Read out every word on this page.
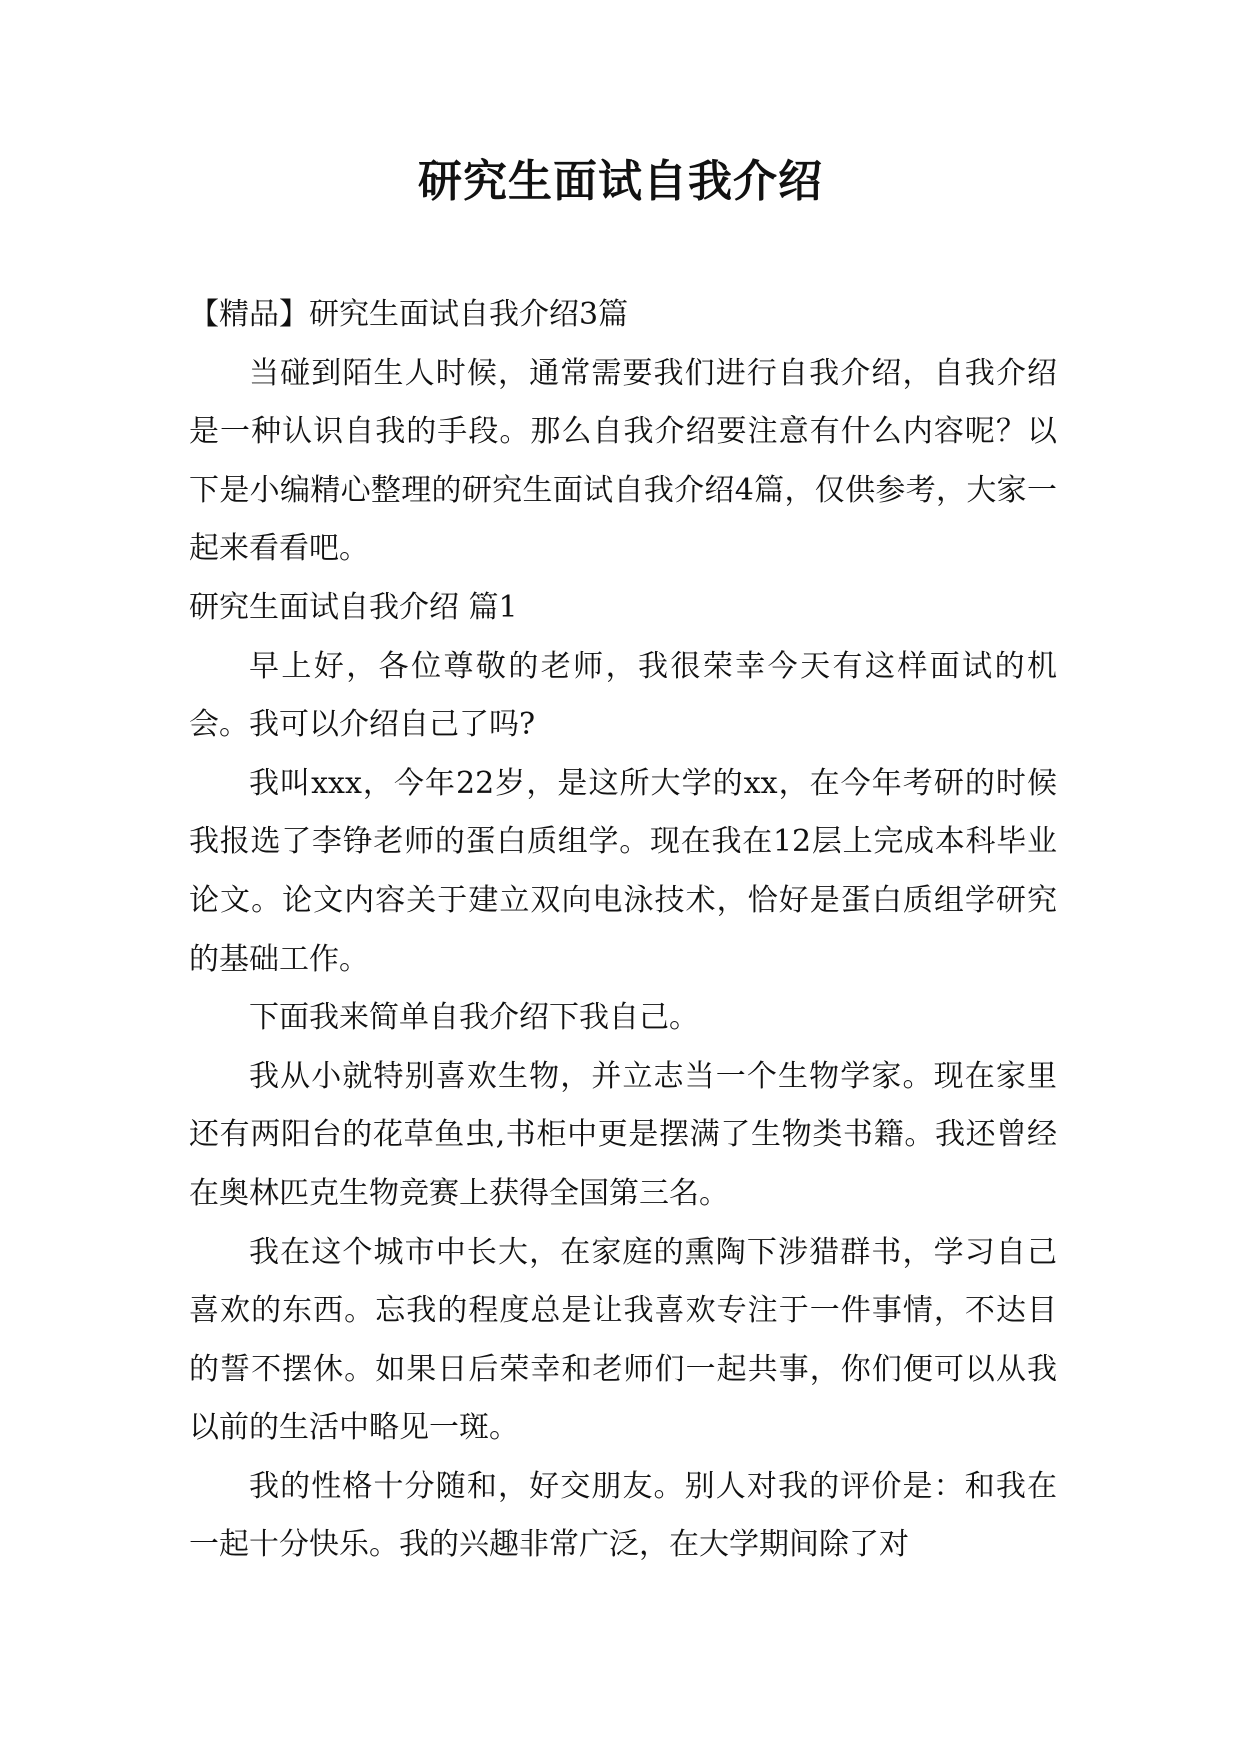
研究生面试自我介绍

【精品】研究生面试自我介绍3篇

当碰到陌生人时候，通常需要我们进行自我介绍，自我介绍是一种认识自我的手段。那么自我介绍要注意有什么内容呢？以下是小编精心整理的研究生面试自我介绍4篇，仅供参考，大家一起来看看吧。

研究生面试自我介绍 篇1

早上好，各位尊敬的老师，我很荣幸今天有这样面试的机会。我可以介绍自己了吗?

我叫xxx，今年22岁，是这所大学的xx，在今年考研的时候我报选了李铮老师的蛋白质组学。现在我在12层上完成本科毕业论文。论文内容关于建立双向电泳技术，恰好是蛋白质组学研究的基础工作。

下面我来简单自我介绍下我自己。

我从小就特别喜欢生物，并立志当一个生物学家。现在家里还有两阳台的花草鱼虫,书柜中更是摆满了生物类书籍。我还曾经在奥林匹克生物竞赛上获得全国第三名。

我在这个城市中长大，在家庭的熏陶下涉猎群书，学习自己喜欢的东西。忘我的程度总是让我喜欢专注于一件事情，不达目的誓不摆休。如果日后荣幸和老师们一起共事，你们便可以从我以前的生活中略见一斑。

我的性格十分随和，好交朋友。别人对我的评价是：和我在一起十分快乐。我的兴趣非常广泛，在大学期间除了对
